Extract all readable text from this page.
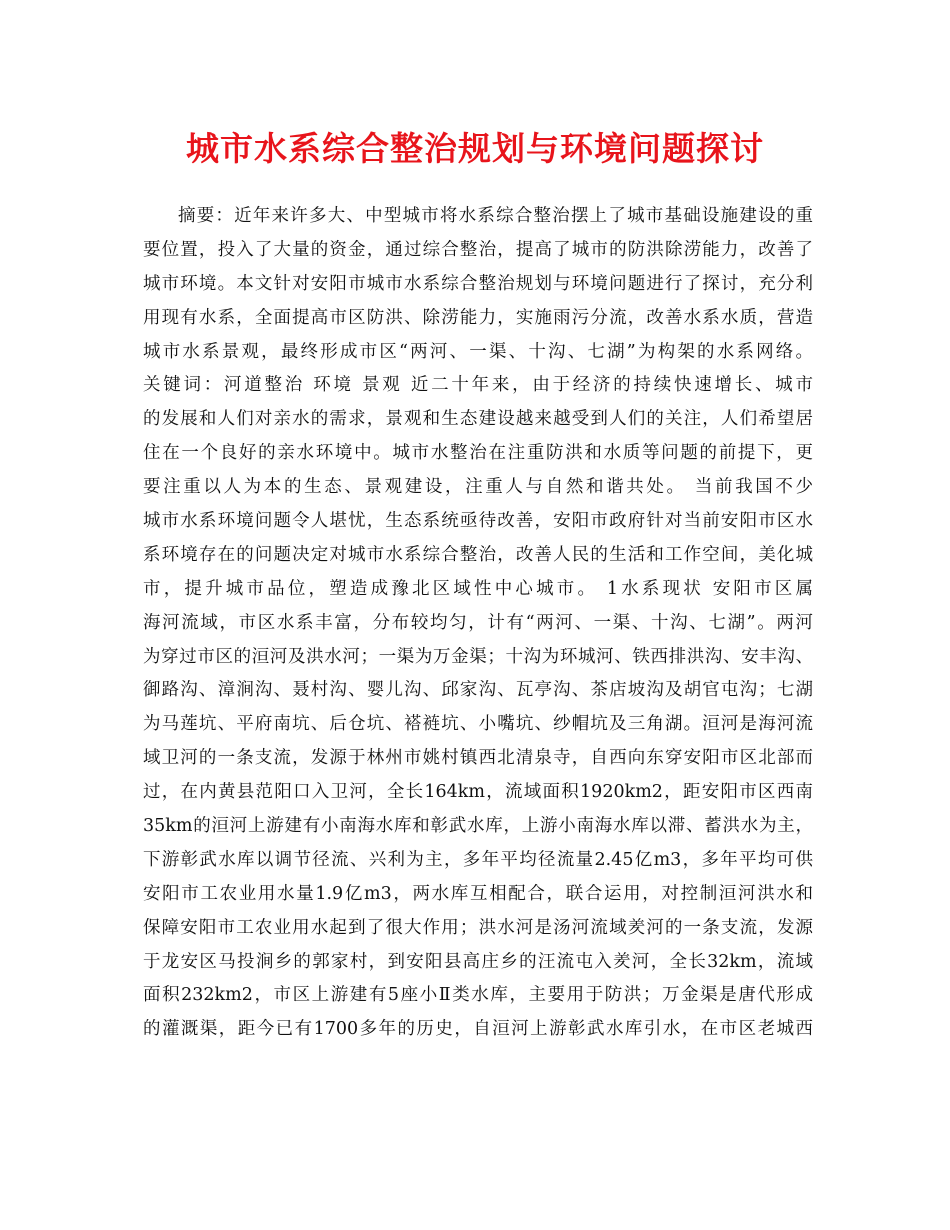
城市水系综合整治规划与环境问题探讨
摘要：近年来许多大、中型城市将水系综合整治摆上了城市基础设施建设的重
要位置，投入了大量的资金，通过综合整治，提高了城市的防洪除涝能力，改善了
城市环境。本文针对安阳市城市水系综合整治规划与环境问题进行了探讨，充分利
用现有水系，全面提高市区防洪、除涝能力，实施雨污分流，改善水系水质，营造
城市水系景观，最终形成市区“两河、一渠、十沟、七湖”为构架的水系网络。
关键词：河道整治 环境 景观 近二十年来，由于经济的持续快速增长、城市
的发展和人们对亲水的需求，景观和生态建设越来越受到人们的关注，人们希望居
住在一个良好的亲水环境中。城市水整治在注重防洪和水质等问题的前提下，更
要注重以人为本的生态、景观建设，注重人与自然和谐共处。 当前我国不少
城市水系环境问题令人堪忧，生态系统亟待改善，安阳市政府针对当前安阳市区水
系环境存在的问题决定对城市水系综合整治，改善人民的生活和工作空间，美化城
市，提升城市品位，塑造成豫北区域性中心城市。 1水系现状 安阳市区属
海河流域，市区水系丰富，分布较均匀，计有“两河、一渠、十沟、七湖”。两河
为穿过市区的洹河及洪水河；一渠为万金渠；十沟为环城河、铁西排洪沟、安丰沟、
御路沟、漳涧沟、聂村沟、婴儿沟、邱家沟、瓦亭沟、茶店坡沟及胡官屯沟；七湖
为马莲坑、平府南坑、后仓坑、褡裢坑、小嘴坑、纱帽坑及三角湖。洹河是海河流
域卫河的一条支流，发源于林州市姚村镇西北清泉寺，自西向东穿安阳市区北部而
过，在内黄县范阳口入卫河，全长164km，流域面积1920km2，距安阳市区西南
35km的洹河上游建有小南海水库和彰武水库，上游小南海水库以滞、蓄洪水为主，
下游彰武水库以调节径流、兴利为主，多年平均径流量2.45亿m3，多年平均可供
安阳市工农业用水量1.9亿m3，两水库互相配合，联合运用，对控制洹河洪水和
保障安阳市工农业用水起到了很大作用；洪水河是汤河流域羑河的一条支流，发源
于龙安区马投涧乡的郭家村，到安阳县高庄乡的汪流屯入羑河，全长32km，流域
面积232km2，市区上游建有5座小Ⅱ类水库，主要用于防洪；万金渠是唐代形成
的灌溉渠，距今已有1700多年的历史，自洹河上游彰武水库引水，在市区老城西
